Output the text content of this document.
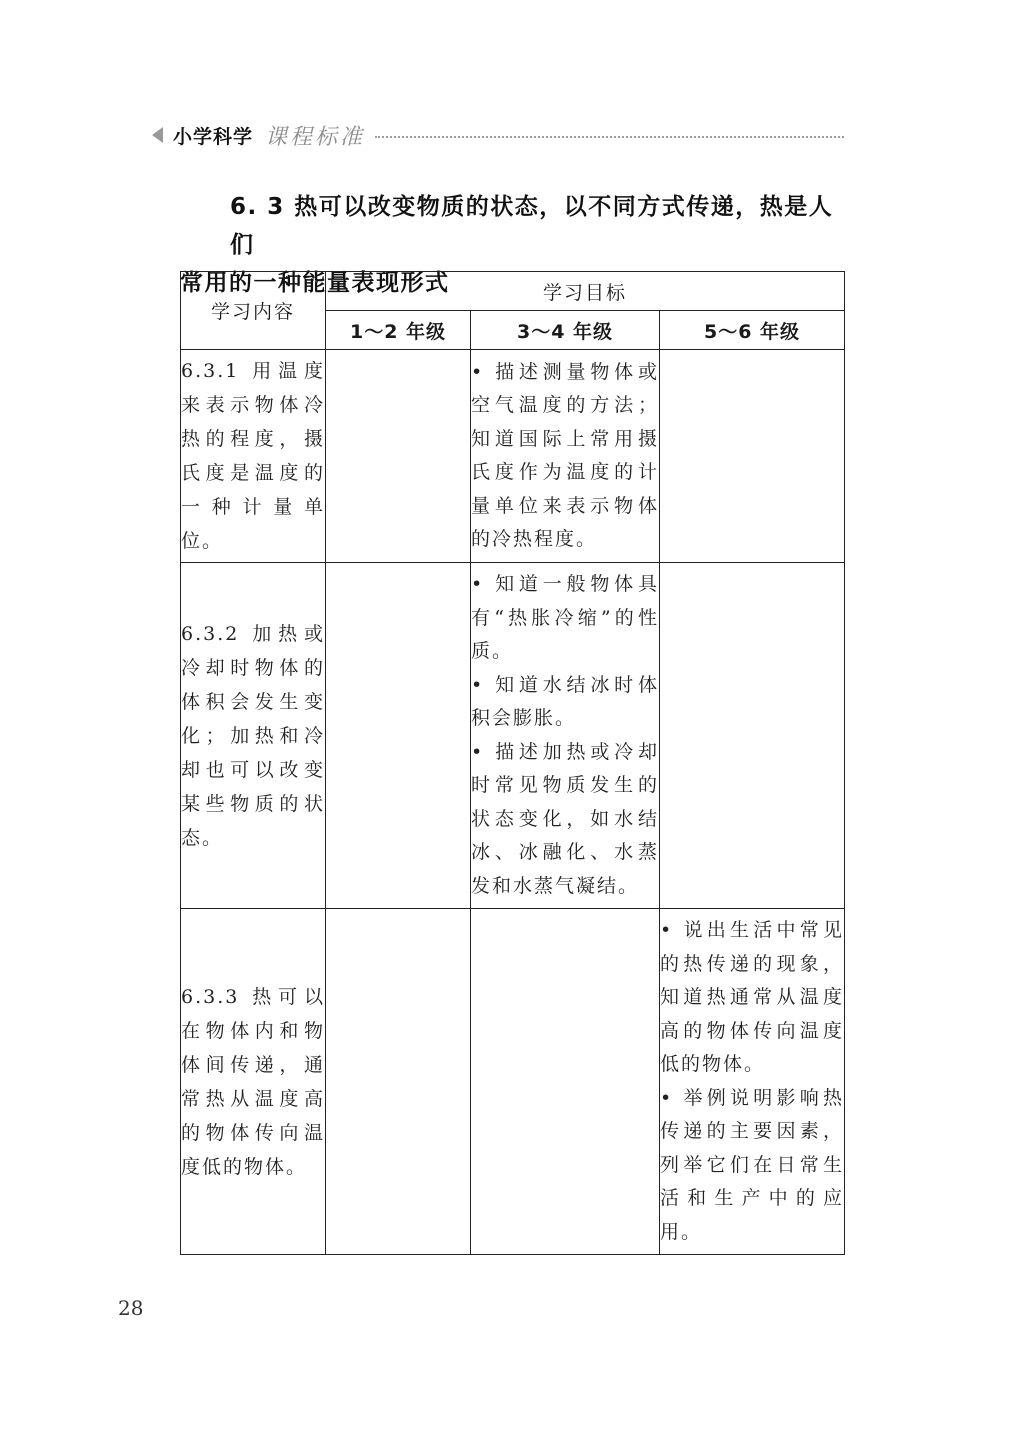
小学科学 课程标准
6. 3 热可以改变物质的状态，以不同方式传递，热是人们
常用的一种能量表现形式
学习内容	学习目标		
	1～2 年级	3～4 年级	5～6 年级
6.3.1 用温度来表示物体冷热的程度，摄氏度是温度的一种计量单位。		• 描述测量物体或空气温度的方法；知道国际上常用摄氏度作为温度的计量单位来表示物体的冷热程度。

6.3.2 加热或冷却时物体的体积会发生变化；加热和冷却也可以改变某些物质的状态。		• 知道一般物体具有“热胀冷缩”的性质。
• 知道水结冰时体积会膨胀。
• 描述加热或冷却时常见物质发生的状态变化，如水结冰、冰融化、水蒸发和水蒸气凝结。

6.3.3 热可以在物体内和物体间传递，通常热从温度高的物体传向温度低的物体。			• 说出生活中常见的热传递的现象，知道热通常从温度高的物体传向温度低的物体。
• 举例说明影响热传递的主要因素，列举它们在日常生活和生产中的应用。
28
